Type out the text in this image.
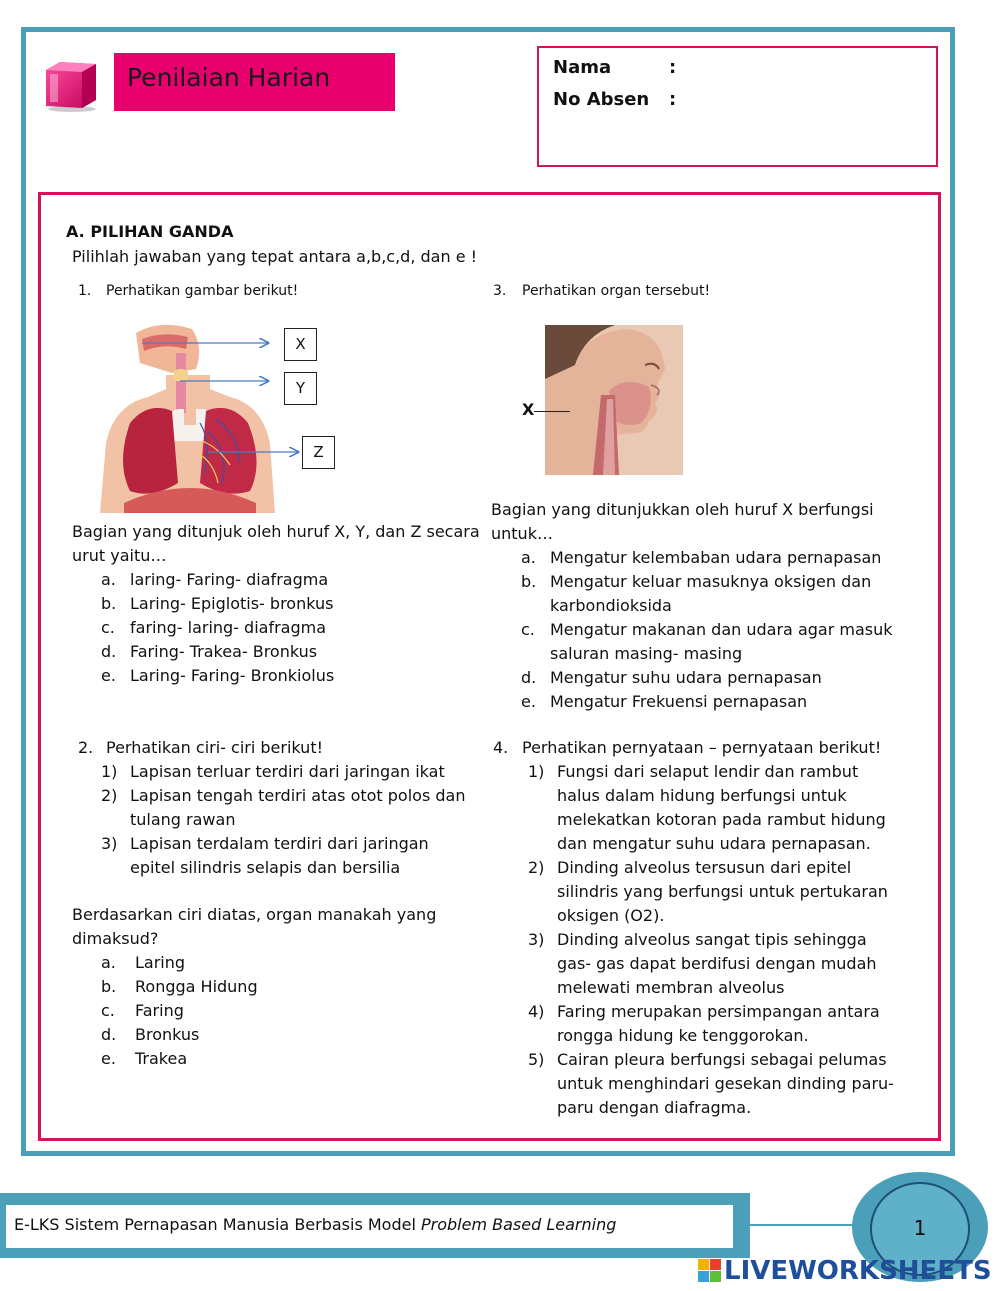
Penilaian Harian	Nama	:
No Absen :
A. PILIHAN GANDA
Pilihlah jawaban yang tepat antara a,b,c,d, dan e !
1. Perhatikan gambar berikut!
X
Y
Z
Bagian yang ditunjuk oleh huruf X, Y, dan Z secara
urut yaitu…
a. laring- Faring- diafragma
b. Laring- Epiglotis- bronkus
c. faring- laring- diafragma
d. Faring- Trakea- Bronkus
e. Laring- Faring- Bronkiolus
3. Perhatikan organ tersebut!
X
Bagian yang ditunjukkan oleh huruf X berfungsi
untuk…
a. Mengatur kelembaban udara pernapasan
b. Mengatur keluar masuknya oksigen dan
karbondioksida
c. Mengatur makanan dan udara agar masuk
saluran masing- masing
d. Mengatur suhu udara pernapasan
e. Mengatur Frekuensi pernapasan
2. Perhatikan ciri- ciri berikut!
1) Lapisan terluar terdiri dari jaringan ikat
2) Lapisan tengah terdiri atas otot polos dan
tulang rawan
3) Lapisan terdalam terdiri dari jaringan
epitel silindris selapis dan bersilia
Berdasarkan ciri diatas, organ manakah yang
dimaksud?
a. Laring
b. Rongga Hidung
c. Faring
d. Bronkus
e. Trakea
4. Perhatikan pernyataan – pernyataan berikut!
1) Fungsi dari selaput lendir dan rambut
halus dalam hidung berfungsi untuk
melekatkan kotoran pada rambut hidung
dan mengatur suhu udara pernapasan.
2) Dinding alveolus tersusun dari epitel
silindris yang berfungsi untuk pertukaran
oksigen (O2).
3) Dinding alveolus sangat tipis sehingga
gas- gas dapat berdifusi dengan mudah
melewati membran alveolus
4) Faring merupakan persimpangan antara
rongga hidung ke tenggorokan.
5) Cairan pleura berfungsi sebagai pelumas
untuk menghindari gesekan dinding paru-
paru dengan diafragma.
E-LKS Sistem Pernapasan Manusia Berbasis Model Problem Based Learning	1
LIVEWORKSHEETS
